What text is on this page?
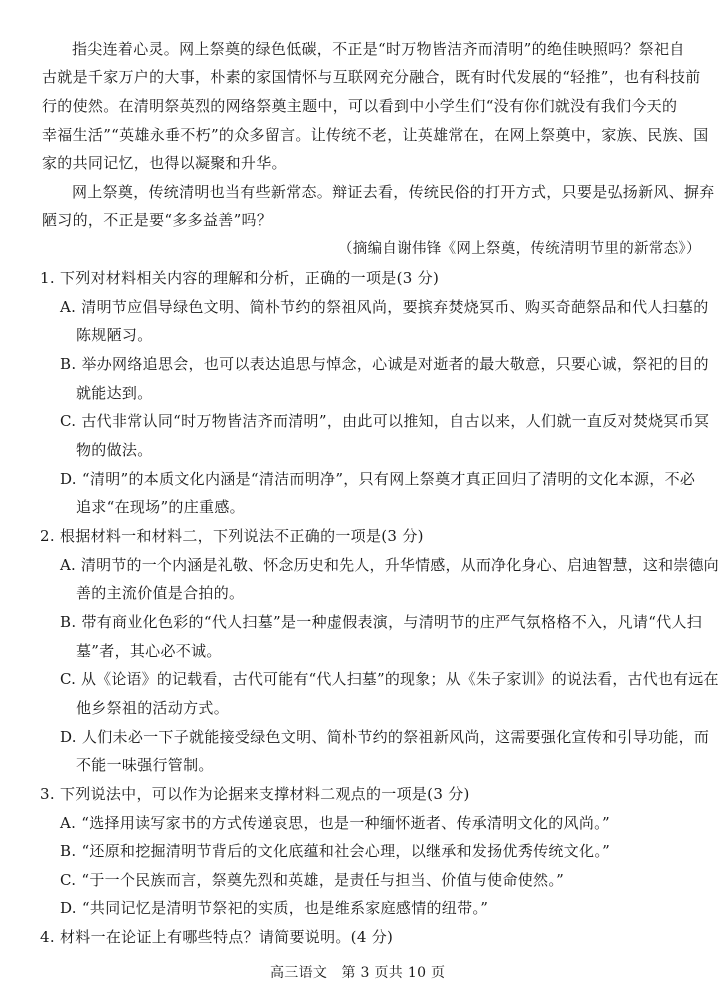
指尖连着心灵。网上祭奠的绿色低碳，不正是“时万物皆洁齐而清明”的绝佳映照吗？祭祀自
古就是千家万户的大事，朴素的家国情怀与互联网充分融合，既有时代发展的“轻推”，也有科技前
行的使然。在清明祭英烈的网络祭奠主题中，可以看到中小学生们“没有你们就没有我们今天的
幸福生活”“英雄永垂不朽”的众多留言。让传统不老，让英雄常在，在网上祭奠中，家族、民族、国
家的共同记忆，也得以凝聚和升华。
网上祭奠，传统清明也当有些新常态。辩证去看，传统民俗的打开方式，只要是弘扬新风、摒弃
陋习的，不正是要“多多益善”吗？
（摘编自谢伟锋《网上祭奠，传统清明节里的新常态》）
1. 下列对材料相关内容的理解和分析，正确的一项是(3 分)
A. 清明节应倡导绿色文明、简朴节约的祭祖风尚，要摈弃焚烧冥币、购买奇葩祭品和代人扫墓的
陈规陋习。
B. 举办网络追思会，也可以表达追思与悼念，心诚是对逝者的最大敬意，只要心诚，祭祀的目的
就能达到。
C. 古代非常认同“时万物皆洁齐而清明”，由此可以推知，自古以来，人们就一直反对焚烧冥币冥
物的做法。
D. “清明”的本质文化内涵是“清洁而明净”，只有网上祭奠才真正回归了清明的文化本源，不必
追求“在现场”的庄重感。
2. 根据材料一和材料二，下列说法不正确的一项是(3 分)
A. 清明节的一个内涵是礼敬、怀念历史和先人，升华情感，从而净化身心、启迪智慧，这和崇德向
善的主流价值是合拍的。
B. 带有商业化色彩的“代人扫墓”是一种虚假表演，与清明节的庄严气氛格格不入，凡请“代人扫
墓”者，其心必不诚。
C. 从《论语》的记载看，古代可能有“代人扫墓”的现象；从《朱子家训》的说法看，古代也有远在
他乡祭祖的活动方式。
D. 人们未必一下子就能接受绿色文明、简朴节约的祭祖新风尚，这需要强化宣传和引导功能，而
不能一味强行管制。
3. 下列说法中，可以作为论据来支撑材料二观点的一项是(3 分)
A. “选择用读写家书的方式传递哀思，也是一种缅怀逝者、传承清明文化的风尚。”
B. “还原和挖掘清明节背后的文化底蕴和社会心理，以继承和发扬优秀传统文化。”
C. “于一个民族而言，祭奠先烈和英雄，是责任与担当、价值与使命使然。”
D. “共同记忆是清明节祭祀的实质，也是维系家庭感情的纽带。”
4. 材料一在论证上有哪些特点？请简要说明。(4 分)
高三语文　第 3 页共 10 页
